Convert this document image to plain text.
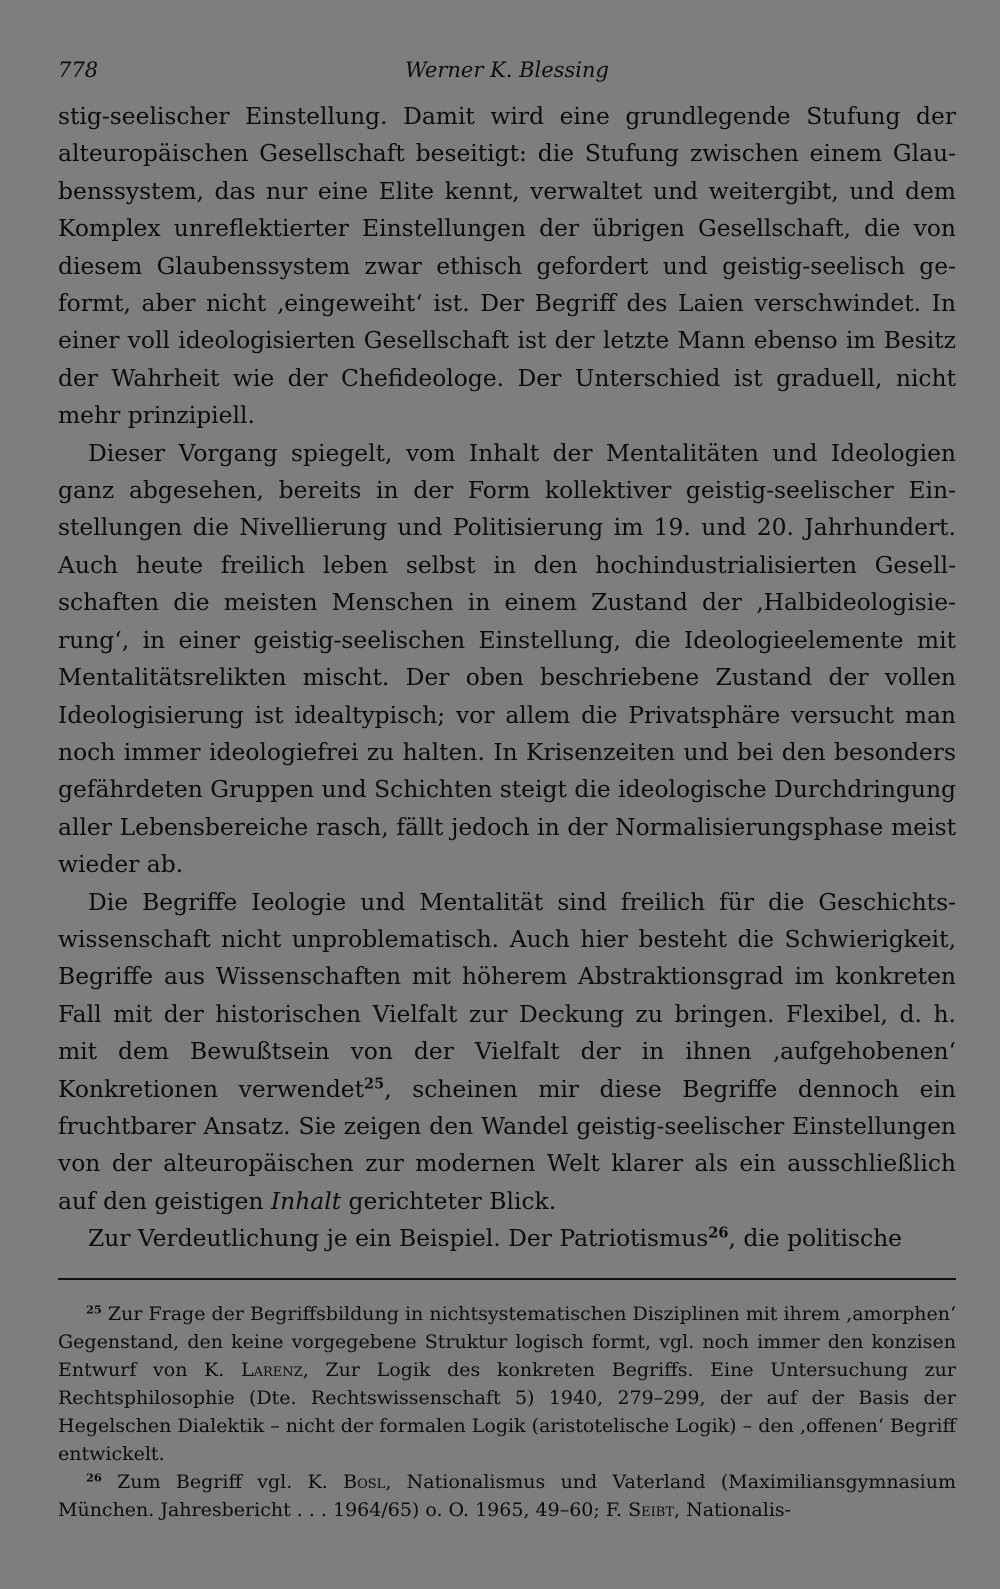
778	Werner K. Blessing

stig-seelischer Einstellung. Damit wird eine grundlegende Stufung der alteuropäischen Gesellschaft beseitigt: die Stufung zwischen einem Glaubenssystem, das nur eine Elite kennt, verwaltet und weitergibt, und dem Komplex unreflektierter Einstellungen der übrigen Gesellschaft, die von diesem Glaubenssystem zwar ethisch gefordert und geistig-seelisch geformt, aber nicht ‚eingeweiht‘ ist. Der Begriff des Laien verschwindet. In einer voll ideologisierten Gesellschaft ist der letzte Mann ebenso im Besitz der Wahrheit wie der Chefideologe. Der Unterschied ist graduell, nicht mehr prinzipiell.

Dieser Vorgang spiegelt, vom Inhalt der Mentalitäten und Ideologien ganz abgesehen, bereits in der Form kollektiver geistig-seelischer Einstellungen die Nivellierung und Politisierung im 19. und 20. Jahrhundert. Auch heute freilich leben selbst in den hochindustrialisierten Gesellschaften die meisten Menschen in einem Zustand der ‚Halbideologisierung‘, in einer geistig-seelischen Einstellung, die Ideologieelemente mit Mentalitätsrelikten mischt. Der oben beschriebene Zustand der vollen Ideologisierung ist idealtypisch; vor allem die Privatsphäre versucht man noch immer ideologiefrei zu halten. In Krisenzeiten und bei den besonders gefährdeten Gruppen und Schichten steigt die ideologische Durchdringung aller Lebensbereiche rasch, fällt jedoch in der Normalisierungsphase meist wieder ab.

Die Begriffe Ieologie und Mentalität sind freilich für die Geschichtswissenschaft nicht unproblematisch. Auch hier besteht die Schwierigkeit, Begriffe aus Wissenschaften mit höherem Abstraktionsgrad im konkreten Fall mit der historischen Vielfalt zur Deckung zu bringen. Flexibel, d. h. mit dem Bewußtsein von der Vielfalt der in ihnen ‚aufgehobenen‘ Konkretionen verwendet$^{25}$, scheinen mir diese Begriffe dennoch ein fruchtbarer Ansatz. Sie zeigen den Wandel geistig-seelischer Einstellungen von der alteuropäischen zur modernen Welt klarer als ein ausschließlich auf den geistigen Inhalt gerichteter Blick.

Zur Verdeutlichung je ein Beispiel. Der Patriotismus$^{26}$, die politische

$^{25}$ Zur Frage der Begriffsbildung in nichtsystematischen Disziplinen mit ihrem ‚amorphen‘ Gegenstand, den keine vorgegebene Struktur logisch formt, vgl. noch immer den konzisen Entwurf von K. Larenz, Zur Logik des konkreten Begriffs. Eine Untersuchung zur Rechtsphilosophie (Dte. Rechtswissenschaft 5) 1940, 279–299, der auf der Basis der Hegelschen Dialektik – nicht der formalen Logik (aristotelische Logik) – den ‚offenen‘ Begriff entwickelt.

$^{26}$ Zum Begriff vgl. K. Bosl, Nationalismus und Vaterland (Maximiliansgymnasium München. Jahresbericht . . . 1964/65) o. O. 1965, 49–60; F. Seibt, Nationalis-
